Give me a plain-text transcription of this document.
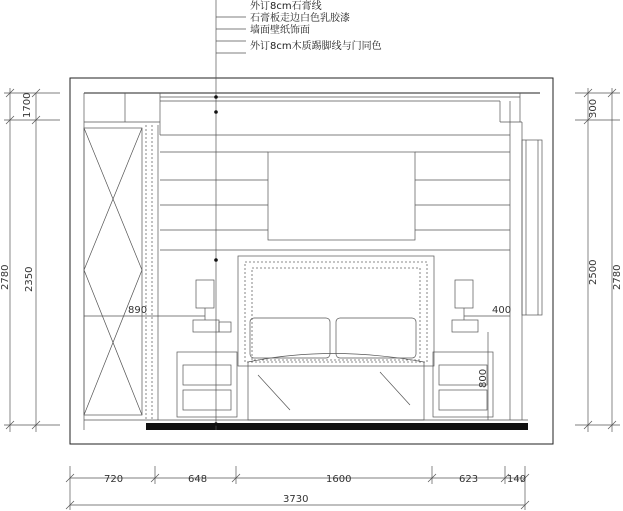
外订8cm石膏线
石膏板走边白色乳胶漆
墙面壁纸饰面
外订8cm木质踢脚线与门同色
1700
2780 2350
300
2500 2780
890	400
800
720	648	1600	623	140
3730
